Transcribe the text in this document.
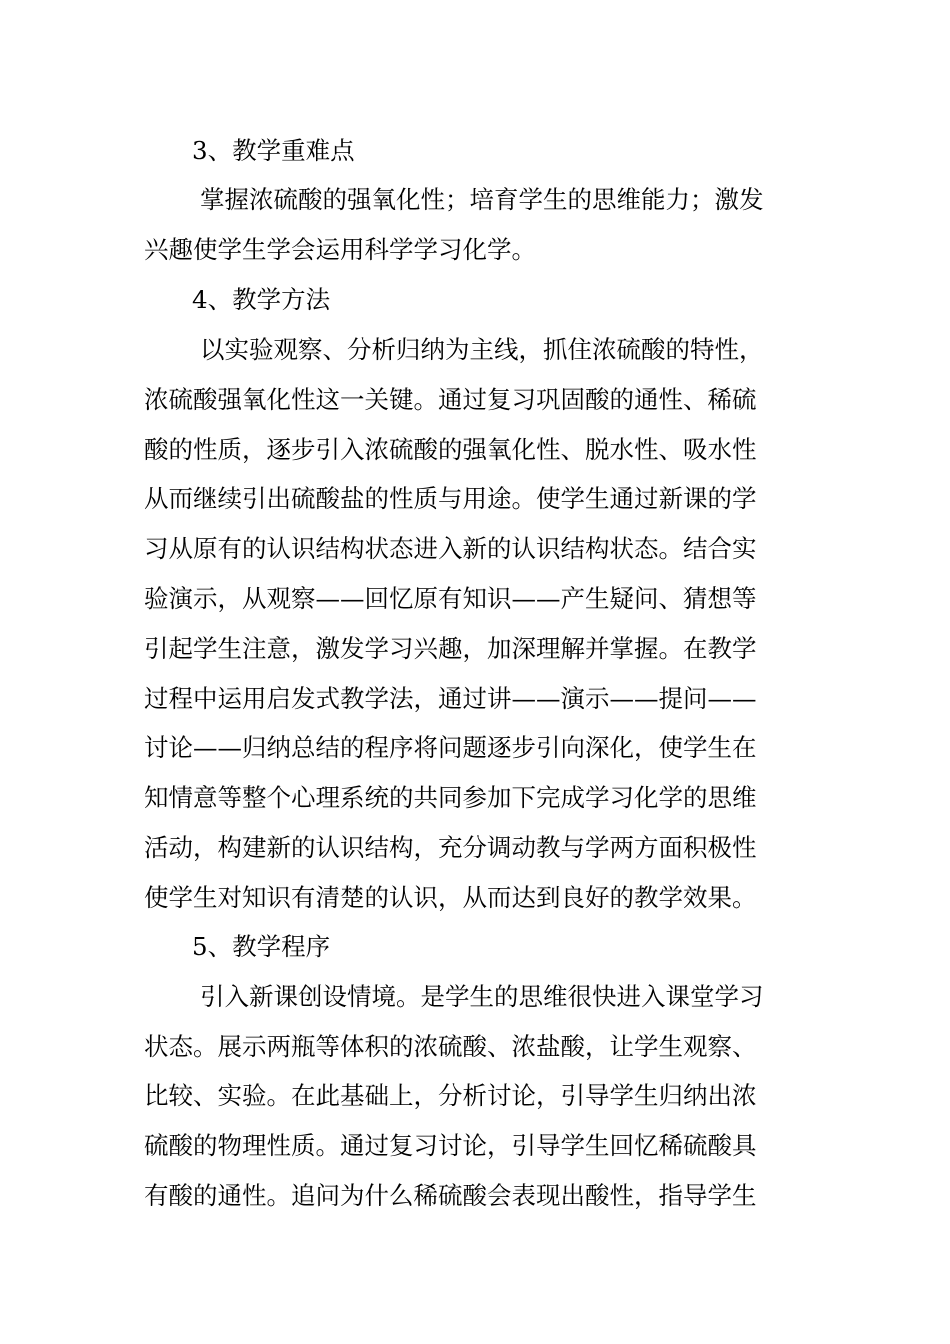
3、教学重难点
掌握浓硫酸的强氧化性；培育学生的思维能力；激发
兴趣使学生学会运用科学学习化学。
4、教学方法
以实验观察、分析归纳为主线，抓住浓硫酸的特性，
浓硫酸强氧化性这一关键。通过复习巩固酸的通性、稀硫
酸的性质，逐步引入浓硫酸的强氧化性、脱水性、吸水性
从而继续引出硫酸盐的性质与用途。使学生通过新课的学
习从原有的认识结构状态进入新的认识结构状态。结合实
验演示，从观察——回忆原有知识——产生疑问、猜想等
引起学生注意，激发学习兴趣，加深理解并掌握。在教学
过程中运用启发式教学法，通过讲——演示——提问——
讨论——归纳总结的程序将问题逐步引向深化，使学生在
知情意等整个心理系统的共同参加下完成学习化学的思维
活动，构建新的认识结构，充分调动教与学两方面积极性
使学生对知识有清楚的认识，从而达到良好的教学效果。
5、教学程序
引入新课创设情境。是学生的思维很快进入课堂学习
状态。展示两瓶等体积的浓硫酸、浓盐酸，让学生观察、
比较、实验。在此基础上，分析讨论，引导学生归纳出浓
硫酸的物理性质。通过复习讨论，引导学生回忆稀硫酸具
有酸的通性。追问为什么稀硫酸会表现出酸性，指导学生
